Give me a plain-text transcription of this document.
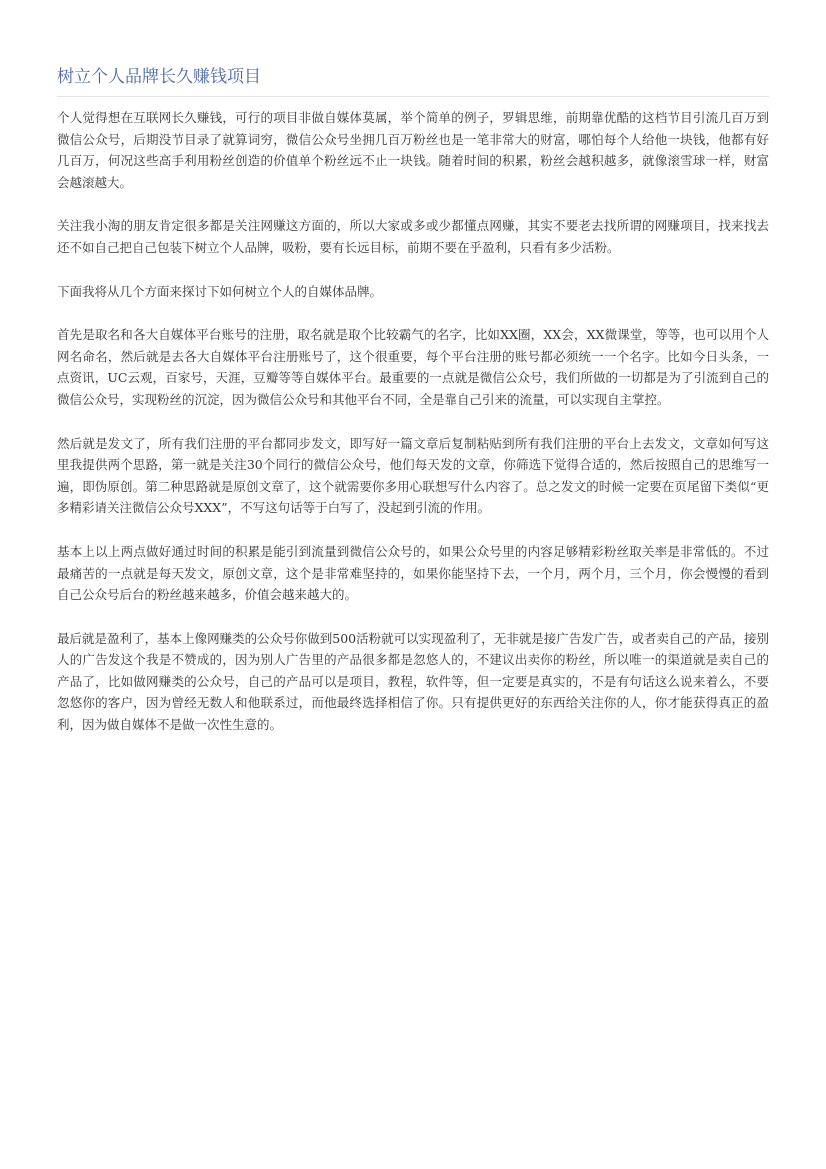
树立个人品牌长久赚钱项目

个人觉得想在互联网长久赚钱，可行的项目非做自媒体莫属，举个简单的例子，罗辑思维，前期靠优酷的这档节目引流几百万到微信公众号，后期没节目录了就算词穷，微信公众号坐拥几百万粉丝也是一笔非常大的财富，哪怕每个人给他一块钱，他都有好几百万，何况这些高手利用粉丝创造的价值单个粉丝远不止一块钱。随着时间的积累，粉丝会越积越多，就像滚雪球一样，财富会越滚越大。

关注我小淘的朋友肯定很多都是关注网赚这方面的，所以大家或多或少都懂点网赚，其实不要老去找所谓的网赚项目，找来找去还不如自己把自己包装下树立个人品牌，吸粉，要有长远目标，前期不要在乎盈利，只看有多少活粉。

下面我将从几个方面来探讨下如何树立个人的自媒体品牌。

首先是取名和各大自媒体平台账号的注册，取名就是取个比较霸气的名字，比如XX圈，XX会，XX微课堂，等等，也可以用个人网名命名，然后就是去各大自媒体平台注册账号了，这个很重要，每个平台注册的账号都必须统一一个名字。比如今日头条，一点资讯，UC云观，百家号，天涯，豆瓣等等自媒体平台。最重要的一点就是微信公众号，我们所做的一切都是为了引流到自己的微信公众号，实现粉丝的沉淀，因为微信公众号和其他平台不同，全是靠自己引来的流量，可以实现自主掌控。

然后就是发文了，所有我们注册的平台都同步发文，即写好一篇文章后复制粘贴到所有我们注册的平台上去发文，文章如何写这里我提供两个思路，第一就是关注30个同行的微信公众号，他们每天发的文章，你筛选下觉得合适的，然后按照自己的思维写一遍，即伪原创。第二种思路就是原创文章了，这个就需要你多用心联想写什么内容了。总之发文的时候一定要在页尾留下类似“更多精彩请关注微信公众号XXX”，不写这句话等于白写了，没起到引流的作用。

基本上以上两点做好通过时间的积累是能引到流量到微信公众号的，如果公众号里的内容足够精彩粉丝取关率是非常低的。不过最痛苦的一点就是每天发文，原创文章，这个是非常难坚持的，如果你能坚持下去，一个月，两个月，三个月，你会慢慢的看到自己公众号后台的粉丝越来越多，价值会越来越大的。

最后就是盈利了，基本上像网赚类的公众号你做到500活粉就可以实现盈利了，无非就是接广告发广告，或者卖自己的产品，接别人的广告发这个我是不赞成的，因为别人广告里的产品很多都是忽悠人的，不建议出卖你的粉丝，所以唯一的渠道就是卖自己的产品了，比如做网赚类的公众号，自己的产品可以是项目，教程，软件等，但一定要是真实的，不是有句话这么说来着么，不要忽悠你的客户，因为曾经无数人和他联系过，而他最终选择相信了你。只有提供更好的东西给关注你的人，你才能获得真正的盈利，因为做自媒体不是做一次性生意的。
